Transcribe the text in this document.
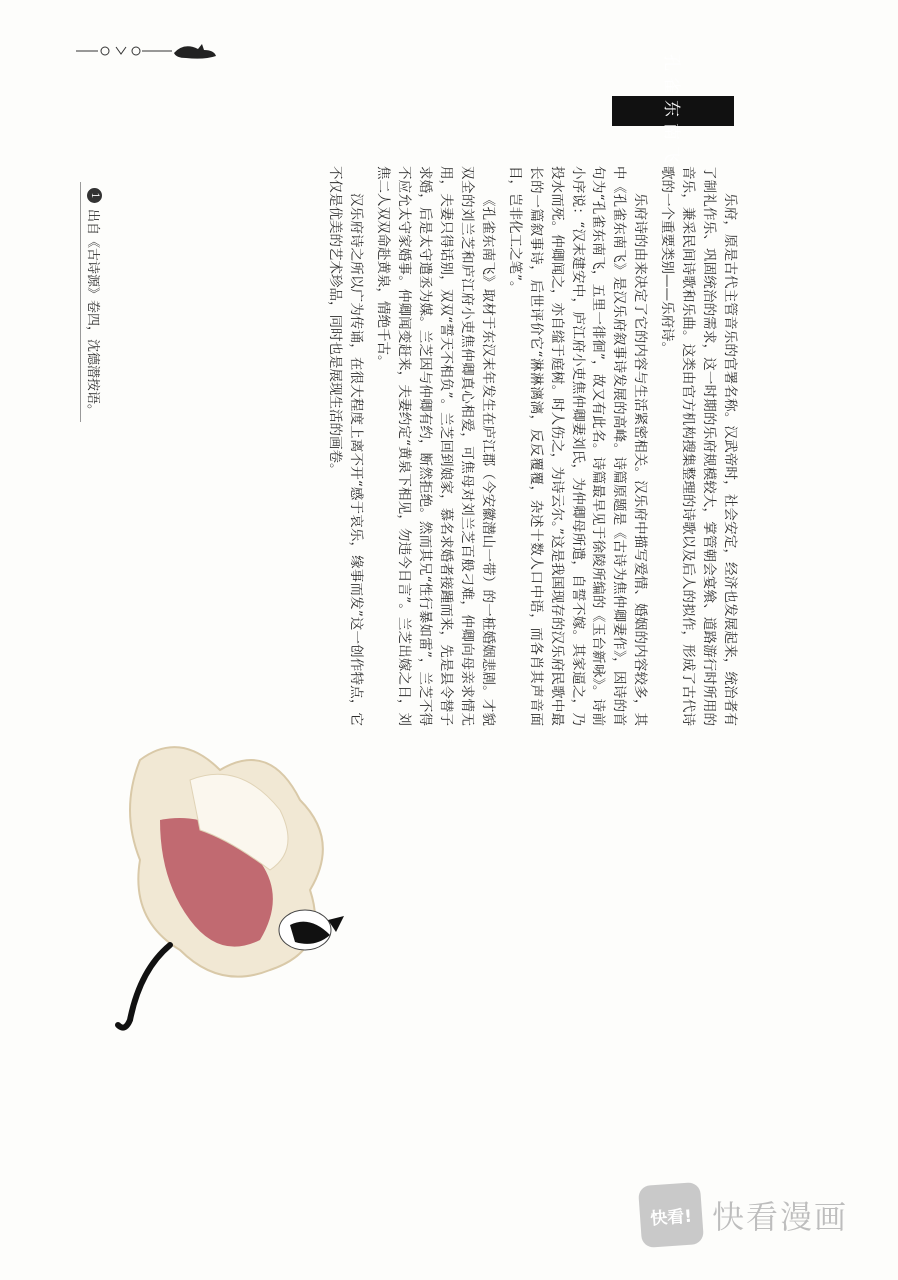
孔雀东南飞

乐府，原是古代主管音乐的官署名称。汉武帝时，社会安定，经济也发展起来，统治者有了制礼作乐、巩固统治的需求，这一时期的乐府规模较大，掌管朝会宴飨、道路游行时所用的音乐，兼采民间诗歌和乐曲。这类由官方机构搜集整理的诗歌以及后人的拟作，形成了古代诗歌的一个重要类别——乐府诗。

乐府诗的由来决定了它的内容与生活紧密相关。汉乐府中描写爱情、婚姻的内容较多，其中《孔雀东南飞》是汉乐府叙事诗发展的高峰。诗篇原题是《古诗为焦仲卿妻作》，因诗的首句为“孔雀东南飞，五里一徘徊”，故又有此名。诗篇最早见于徐陵所编的《玉台新咏》。诗前小序说：“汉末建安中，庐江府小吏焦仲卿妻刘氏，为仲卿母所遣，自誓不嫁。其家逼之，乃投水而死。仲卿闻之，亦自缢于庭树。时人伤之，为诗云尔。”这是我国现存的汉乐府民歌中最长的一篇叙事诗，后世评价它“淋淋漓漓，反反覆覆，杂述十数人口中语，而各肖其声音面目，岂非化工之笔”。

《孔雀东南飞》取材于东汉末年发生在庐江郡（今安徽潜山一带）的一桩婚姻悲剧。才貌双全的刘兰芝和庐江府小吏焦仲卿真心相爱，可焦母对刘兰芝百般刁难，仲卿向母亲求情无用，夫妻只得话别，双双“誓天不相负”。兰芝回到娘家，慕名求婚者接踵而来，先是县令替子求婚，后是太守遣丞为媒。兰芝因与仲卿有约，断然拒绝。然而其兄“性行暴如雷”，兰芝不得不应允太守家婚事。仲卿闻变赶来，夫妻约定“黄泉下相见，勿违今日言”。兰芝出嫁之日，刘焦二人双双命赴黄泉，情绝千古。

汉乐府诗之所以广为传诵，在很大程度上离不开“感于哀乐，缘事而发”这一创作特点，它不仅是优美的艺术珍品，同时也是展现生活的画卷。

1
出自《古诗源》卷四，沈德潜按语。
快看! 快看漫画
